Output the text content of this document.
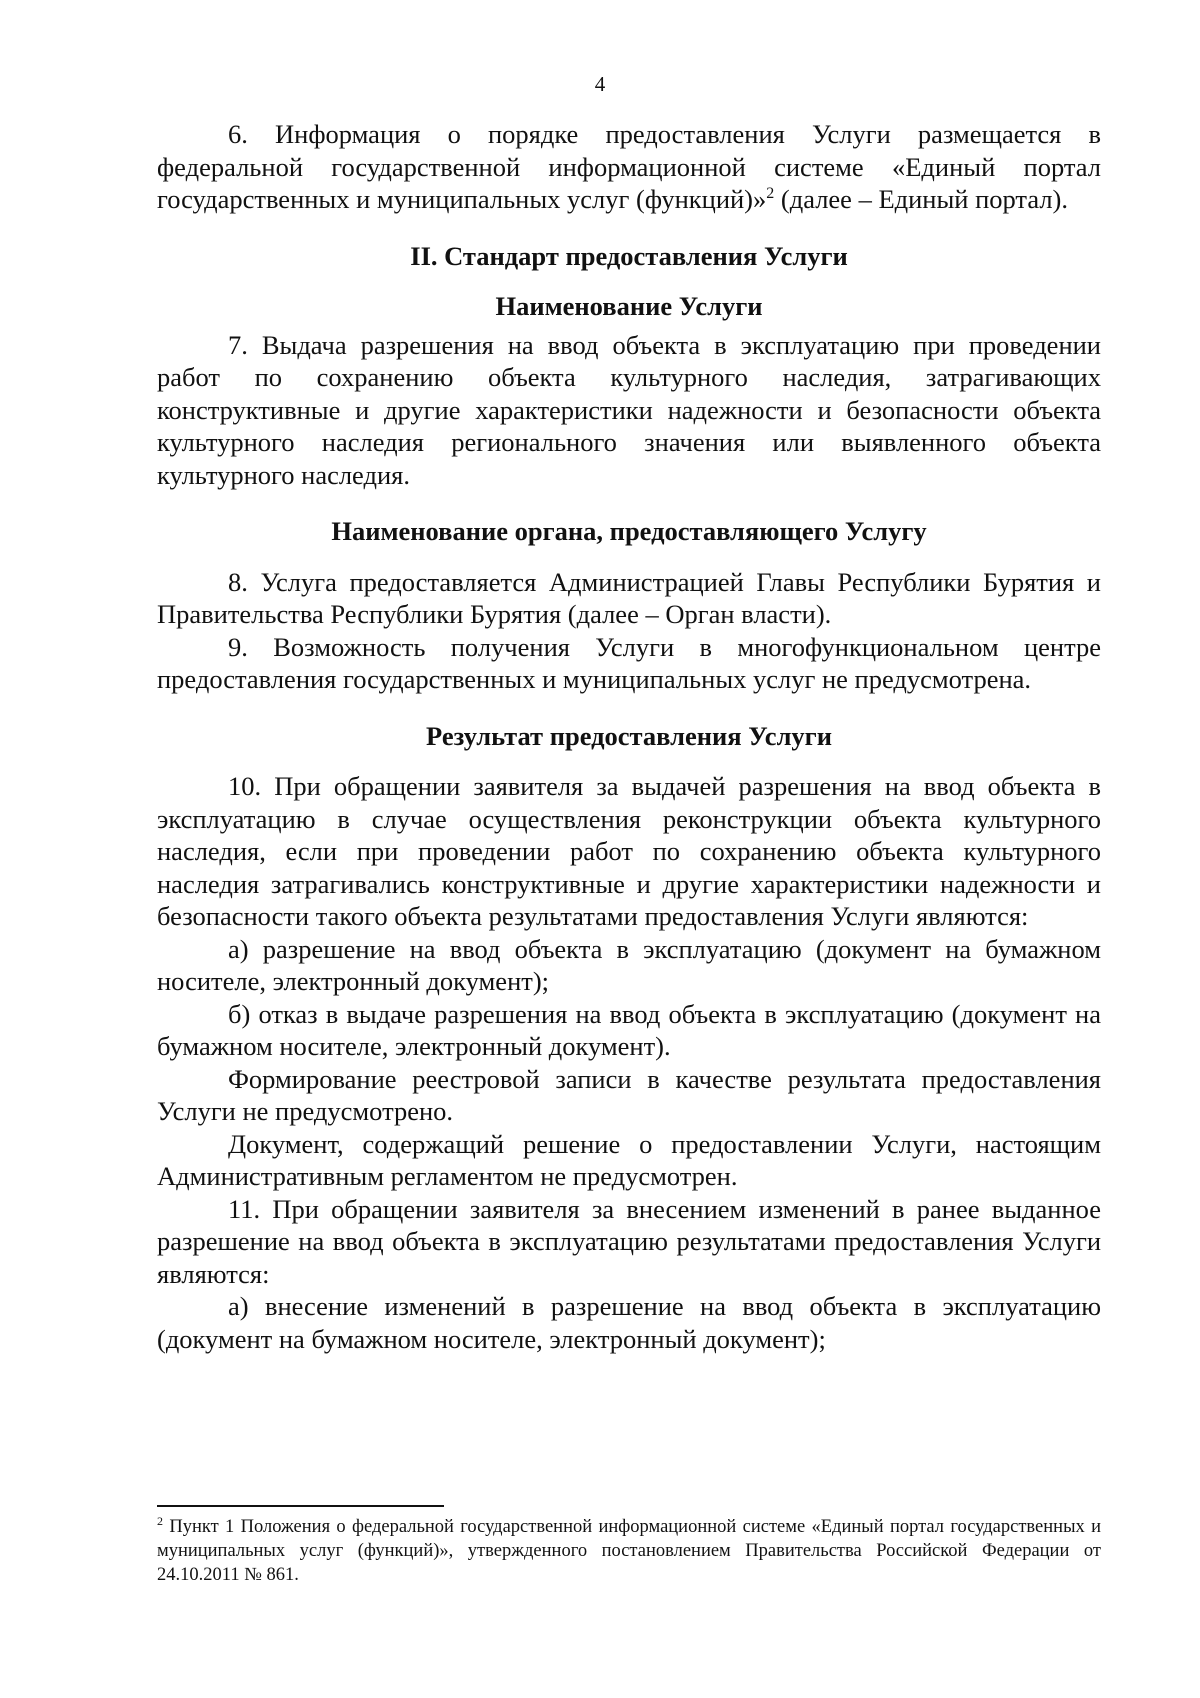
4

6. Информация о порядке предоставления Услуги размещается в федеральной государственной информационной системе «Единый портал государственных и муниципальных услуг (функций)»$^2$ (далее – Единый портал).

II. Стандарт предоставления Услуги
Наименование Услуги

7. Выдача разрешения на ввод объекта в эксплуатацию при проведении работ по сохранению объекта культурного наследия, затрагивающих конструктивные и другие характеристики надежности и безопасности объекта культурного наследия регионального значения или выявленного объекта культурного наследия.

Наименование органа, предоставляющего Услугу

8. Услуга предоставляется Администрацией Главы Республики Бурятия и Правительства Республики Бурятия (далее – Орган власти).

9. Возможность получения Услуги в многофункциональном центре предоставления государственных и муниципальных услуг не предусмотрена.

Результат предоставления Услуги

10. При обращении заявителя за выдачей разрешения на ввод объекта в эксплуатацию в случае осуществления реконструкции объекта культурного наследия, если при проведении работ по сохранению объекта культурного наследия затрагивались конструктивные и другие характеристики надежности и безопасности такого объекта результатами предоставления Услуги являются:

а) разрешение на ввод объекта в эксплуатацию (документ на бумажном носителе, электронный документ);

б) отказ в выдаче разрешения на ввод объекта в эксплуатацию (документ на бумажном носителе, электронный документ).

Формирование реестровой записи в качестве результата предоставления Услуги не предусмотрено.

Документ, содержащий решение о предоставлении Услуги, настоящим Административным регламентом не предусмотрен.

11. При обращении заявителя за внесением изменений в ранее выданное разрешение на ввод объекта в эксплуатацию результатами предоставления Услуги являются:

а) внесение изменений в разрешение на ввод объекта в эксплуатацию (документ на бумажном носителе, электронный документ);

$^2$ Пункт 1 Положения о федеральной государственной информационной системе «Единый портал государственных и муниципальных услуг (функций)», утвержденного постановлением Правительства Российской Федерации от 24.10.2011 № 861.
